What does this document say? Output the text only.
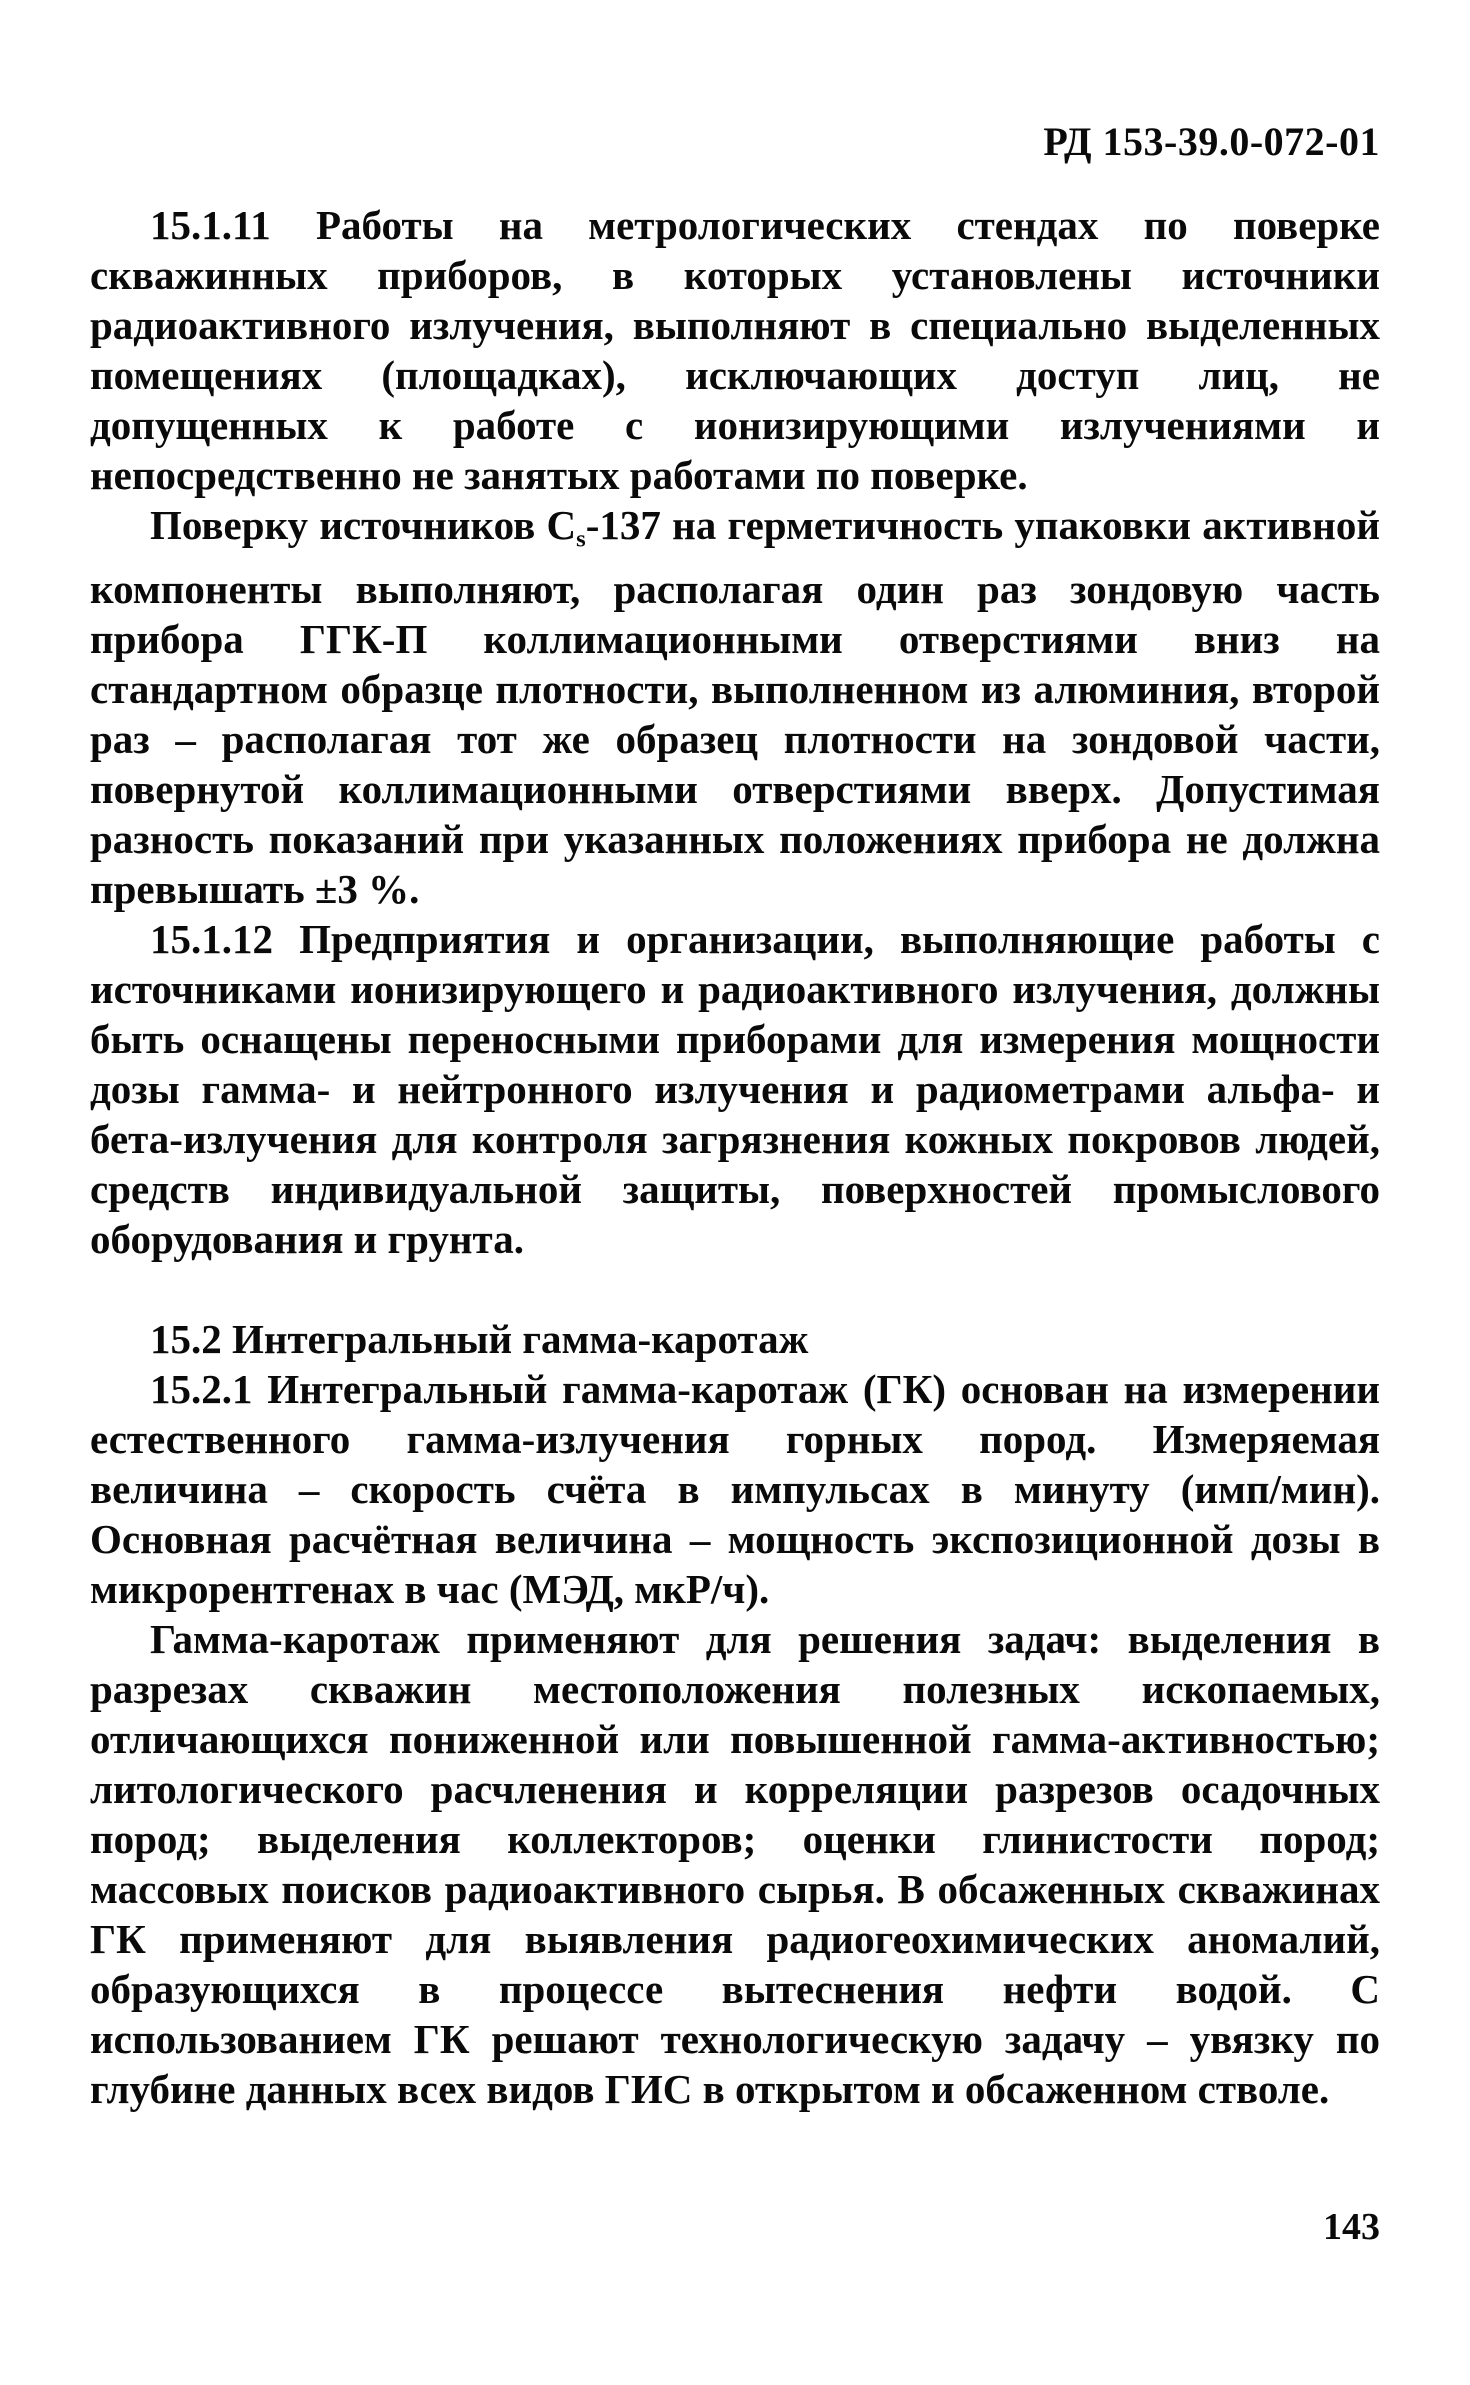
РД 153-39.0-072-01

15.1.11 Работы на метрологических стендах по поверке скважинных приборов, в которых установлены источники радиоактивного излучения, выполняют в специально выделенных помещениях (площадках), исключающих доступ лиц, не допущенных к работе с ионизирующими излучениями и непосредственно не занятых работами по поверке.

Поверку источников $C_s-137$ на герметичность упаковки активной компоненты выполняют, располагая один раз зондовую часть прибора ГГК-П коллимационными отверстиями вниз на стандартном образце плотности, выполненном из алюминия, второй раз – располагая тот же образец плотности на зондовой части, повернутой коллимационными отверстиями вверх. Допустимая разность показаний при указанных положениях прибора не должна превышать ±3 %.

15.1.12 Предприятия и организации, выполняющие работы с источниками ионизирующего и радиоактивного излучения, должны быть оснащены переносными приборами для измерения мощности дозы гамма- и нейтронного излучения и радиометрами альфа- и бета-излучения для контроля загрязнения кожных покровов людей, средств индивидуальной защиты, поверхностей промыслового оборудования и грунта.

15.2 Интегральный гамма-каротаж

15.2.1 Интегральный гамма-каротаж (ГК) основан на измерении естественного гамма-излучения горных пород. Измеряемая величина – скорость счёта в импульсах в минуту (имп/мин). Основная расчётная величина – мощность экспозиционной дозы в микрорентгенах в час (МЭД, мкР/ч).

Гамма-каротаж применяют для решения задач: выделения в разрезах скважин местоположения полезных ископаемых, отличающихся пониженной или повышенной гамма-активностью; литологического расчленения и корреляции разрезов осадочных пород; выделения коллекторов; оценки глинистости пород; массовых поисков радиоактивного сырья. В обсаженных скважинах ГК применяют для выявления радиогеохимических аномалий, образующихся в процессе вытеснения нефти водой. С использованием ГК решают технологическую задачу – увязку по глубине данных всех видов ГИС в открытом и обсаженном стволе.

143
